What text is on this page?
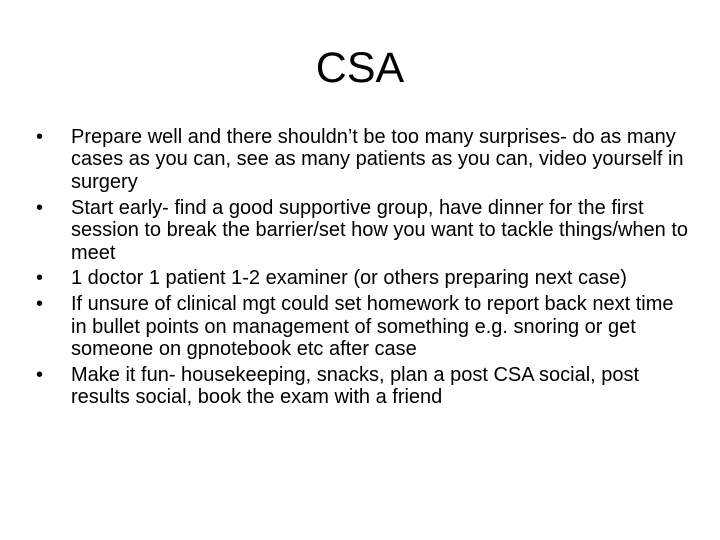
CSA
•	Prepare well and there shouldn’t be too many surprises- do as many cases as you can, see as many patients as you can, video yourself in surgery
•	Start early- find a good supportive group, have dinner for the first session to break the barrier/set how you want to tackle things/when to meet
•	1 doctor 1 patient 1-2 examiner (or others preparing next case)
•	If unsure of clinical mgt could set homework to report back next time in bullet points on management of something e.g. snoring or get someone on gpnotebook etc after case
•	Make it fun- housekeeping, snacks, plan a post CSA social, post results social, book the exam with a friend
